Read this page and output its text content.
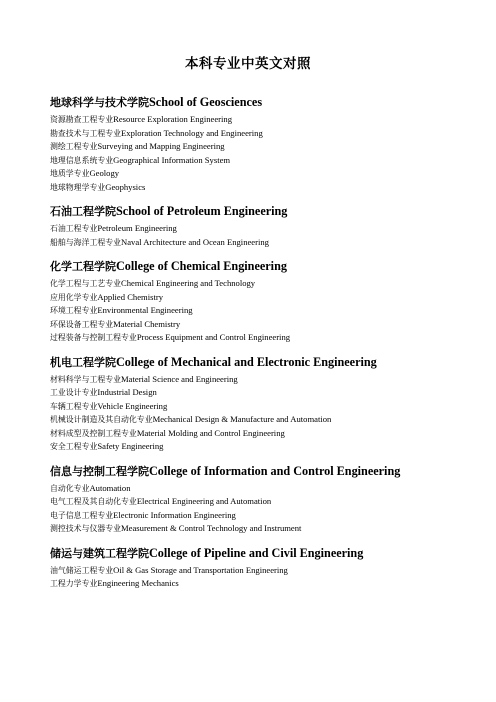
本科专业中英文对照
地球科学与技术学院School of Geosciences
资源勘查工程专业Resource Exploration Engineering
勘查技术与工程专业Exploration Technology and Engineering
测绘工程专业Surveying and Mapping Engineering
地理信息系统专业Geographical Information System
地质学专业Geology
地球物理学专业Geophysics
石油工程学院School of Petroleum Engineering
石油工程专业Petroleum Engineering
船舶与海洋工程专业Naval Architecture and Ocean Engineering
化学工程学院College of Chemical Engineering
化学工程与工艺专业Chemical Engineering and Technology
应用化学专业Applied Chemistry
环境工程专业Environmental Engineering
环保设备工程专业Material Chemistry
过程装备与控制工程专业Process Equipment and Control Engineering
机电工程学院College of Mechanical and Electronic Engineering
材料科学与工程专业Material Science and Engineering
工业设计专业Industrial Design
车辆工程专业Vehicle Engineering
机械设计制造及其自动化专业Mechanical Design & Manufacture and Automation
材料成型及控制工程专业Material Molding and Control Engineering
安全工程专业Safety Engineering
信息与控制工程学院College of Information and Control Engineering
自动化专业Automation
电气工程及其自动化专业Electrical Engineering and Automation
电子信息工程专业Electronic Information Engineering
测控技术与仪器专业Measurement & Control Technology and Instrument
储运与建筑工程学院College of Pipeline and Civil Engineering
油气储运工程专业Oil & Gas Storage and Transportation Engineering
工程力学专业Engineering Mechanics
